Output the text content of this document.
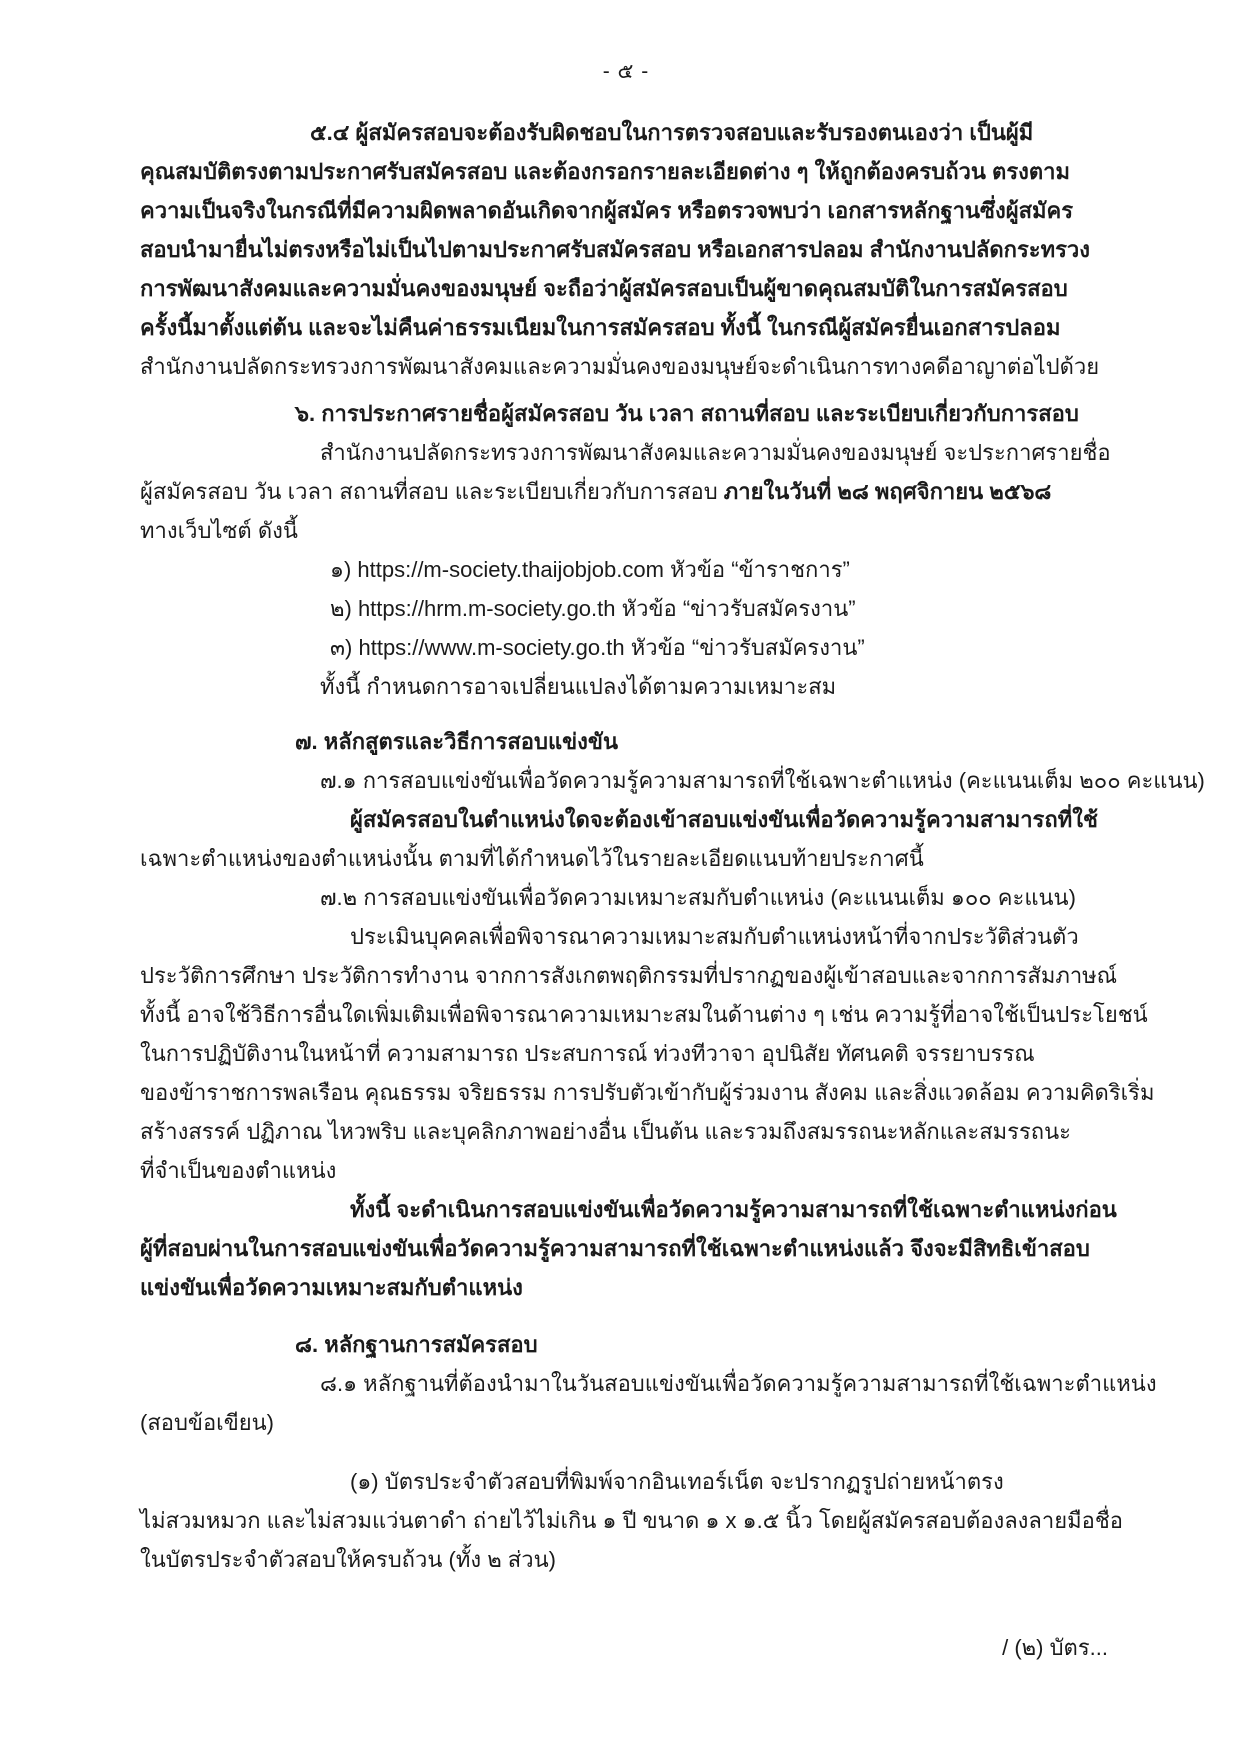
- ๕ -
๕.๔ ผู้สมัครสอบจะต้องรับผิดชอบในการตรวจสอบและรับรองตนเองว่า เป็นผู้มี
คุณสมบัติตรงตามประกาศรับสมัครสอบ และต้องกรอกรายละเอียดต่าง ๆ ให้ถูกต้องครบถ้วน ตรงตาม
ความเป็นจริงในกรณีที่มีความผิดพลาดอันเกิดจากผู้สมัคร หรือตรวจพบว่า เอกสารหลักฐานซึ่งผู้สมัคร
สอบนำมายื่นไม่ตรงหรือไม่เป็นไปตามประกาศรับสมัครสอบ หรือเอกสารปลอม สำนักงานปลัดกระทรวง
การพัฒนาสังคมและความมั่นคงของมนุษย์ จะถือว่าผู้สมัครสอบเป็นผู้ขาดคุณสมบัติในการสมัครสอบ
ครั้งนี้มาตั้งแต่ต้น และจะไม่คืนค่าธรรมเนียมในการสมัครสอบ ทั้งนี้ ในกรณีผู้สมัครยื่นเอกสารปลอม
สำนักงานปลัดกระทรวงการพัฒนาสังคมและความมั่นคงของมนุษย์จะดำเนินการทางคดีอาญาต่อไปด้วย
๖. การประกาศรายชื่อผู้สมัครสอบ วัน เวลา สถานที่สอบ และระเบียบเกี่ยวกับการสอบ
สำนักงานปลัดกระทรวงการพัฒนาสังคมและความมั่นคงของมนุษย์ จะประกาศรายชื่อ
ผู้สมัครสอบ วัน เวลา สถานที่สอบ และระเบียบเกี่ยวกับการสอบ ภายในวันที่ ๒๘ พฤศจิกายน ๒๕๖๘
ทางเว็บไซต์ ดังนี้
๑) https://m-society.thaijobjob.com หัวข้อ “ข้าราชการ”
๒) https://hrm.m-society.go.th หัวข้อ “ข่าวรับสมัครงาน”
๓) https://www.m-society.go.th หัวข้อ “ข่าวรับสมัครงาน”
ทั้งนี้ กำหนดการอาจเปลี่ยนแปลงได้ตามความเหมาะสม
๗. หลักสูตรและวิธีการสอบแข่งขัน
๗.๑ การสอบแข่งขันเพื่อวัดความรู้ความสามารถที่ใช้เฉพาะตำแหน่ง (คะแนนเต็ม ๒๐๐ คะแนน)
ผู้สมัครสอบในตำแหน่งใดจะต้องเข้าสอบแข่งขันเพื่อวัดความรู้ความสามารถที่ใช้
เฉพาะตำแหน่งของตำแหน่งนั้น ตามที่ได้กำหนดไว้ในรายละเอียดแนบท้ายประกาศนี้
๗.๒ การสอบแข่งขันเพื่อวัดความเหมาะสมกับตำแหน่ง (คะแนนเต็ม ๑๐๐ คะแนน)
ประเมินบุคคลเพื่อพิจารณาความเหมาะสมกับตำแหน่งหน้าที่จากประวัติส่วนตัว
ประวัติการศึกษา ประวัติการทำงาน จากการสังเกตพฤติกรรมที่ปรากฏของผู้เข้าสอบและจากการสัมภาษณ์
ทั้งนี้ อาจใช้วิธีการอื่นใดเพิ่มเติมเพื่อพิจารณาความเหมาะสมในด้านต่าง ๆ เช่น ความรู้ที่อาจใช้เป็นประโยชน์
ในการปฏิบัติงานในหน้าที่ ความสามารถ ประสบการณ์ ท่วงทีวาจา อุปนิสัย ทัศนคติ จรรยาบรรณ
ของข้าราชการพลเรือน คุณธรรม จริยธรรม การปรับตัวเข้ากับผู้ร่วมงาน สังคม และสิ่งแวดล้อม ความคิดริเริ่ม
สร้างสรรค์ ปฏิภาณ ไหวพริบ และบุคลิกภาพอย่างอื่น เป็นต้น และรวมถึงสมรรถนะหลักและสมรรถนะ
ที่จำเป็นของตำแหน่ง
ทั้งนี้ จะดำเนินการสอบแข่งขันเพื่อวัดความรู้ความสามารถที่ใช้เฉพาะตำแหน่งก่อน
ผู้ที่สอบผ่านในการสอบแข่งขันเพื่อวัดความรู้ความสามารถที่ใช้เฉพาะตำแหน่งแล้ว จึงจะมีสิทธิเข้าสอบ
แข่งขันเพื่อวัดความเหมาะสมกับตำแหน่ง
๘. หลักฐานการสมัครสอบ
๘.๑ หลักฐานที่ต้องนำมาในวันสอบแข่งขันเพื่อวัดความรู้ความสามารถที่ใช้เฉพาะตำแหน่ง
(สอบข้อเขียน)
(๑) บัตรประจำตัวสอบที่พิมพ์จากอินเทอร์เน็ต จะปรากฏรูปถ่ายหน้าตรง
ไม่สวมหมวก และไม่สวมแว่นตาดำ ถ่ายไว้ไม่เกิน ๑ ปี ขนาด ๑ x ๑.๕ นิ้ว โดยผู้สมัครสอบต้องลงลายมือชื่อ
ในบัตรประจำตัวสอบให้ครบถ้วน (ทั้ง ๒ ส่วน)
/ (๒) บัตร...
